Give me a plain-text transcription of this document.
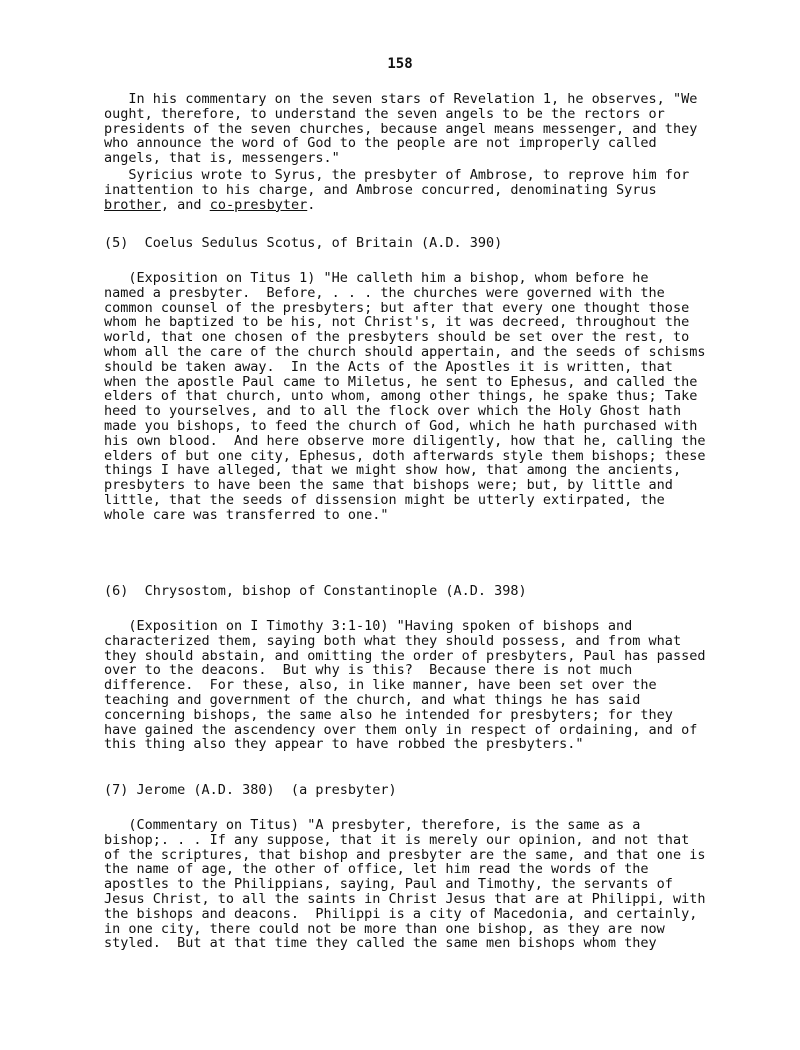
158
In his commentary on the seven stars of Revelation 1, he observes, "We
ought, therefore, to understand the seven angels to be the rectors or
presidents of the seven churches, because angel means messenger, and they
who announce the word of God to the people are not improperly called
angels, that is, messengers."
Syricius wrote to Syrus, the presbyter of Ambrose, to reprove him for
inattention to his charge, and Ambrose concurred, denominating Syrus
brother, and co-presbyter.
(5)  Coelus Sedulus Scotus, of Britain (A.D. 390)
(Exposition on Titus 1) "He calleth him a bishop, whom before he
named a presbyter.  Before, . . . the churches were governed with the
common counsel of the presbyters; but after that every one thought those
whom he baptized to be his, not Christ's, it was decreed, throughout the
world, that one chosen of the presbyters should be set over the rest, to
whom all the care of the church should appertain, and the seeds of schisms
should be taken away.  In the Acts of the Apostles it is written, that
when the apostle Paul came to Miletus, he sent to Ephesus, and called the
elders of that church, unto whom, among other things, he spake thus; Take
heed to yourselves, and to all the flock over which the Holy Ghost hath
made you bishops, to feed the church of God, which he hath purchased with
his own blood.  And here observe more diligently, how that he, calling the
elders of but one city, Ephesus, doth afterwards style them bishops; these
things I have alleged, that we might show how, that among the ancients,
presbyters to have been the same that bishops were; but, by little and
little, that the seeds of dissension might be utterly extirpated, the
whole care was transferred to one."
(6)  Chrysostom, bishop of Constantinople (A.D. 398)
(Exposition on I Timothy 3:1-10) "Having spoken of bishops and
characterized them, saying both what they should possess, and from what
they should abstain, and omitting the order of presbyters, Paul has passed
over to the deacons.  But why is this?  Because there is not much
difference.  For these, also, in like manner, have been set over the
teaching and government of the church, and what things he has said
concerning bishops, the same also he intended for presbyters; for they
have gained the ascendency over them only in respect of ordaining, and of
this thing also they appear to have robbed the presbyters."
(7) Jerome (A.D. 380)  (a presbyter)
(Commentary on Titus) "A presbyter, therefore, is the same as a
bishop;. . . If any suppose, that it is merely our opinion, and not that
of the scriptures, that bishop and presbyter are the same, and that one is
the name of age, the other of office, let him read the words of the
apostles to the Philippians, saying, Paul and Timothy, the servants of
Jesus Christ, to all the saints in Christ Jesus that are at Philippi, with
the bishops and deacons.  Philippi is a city of Macedonia, and certainly,
in one city, there could not be more than one bishop, as they are now
styled.  But at that time they called the same men bishops whom they
